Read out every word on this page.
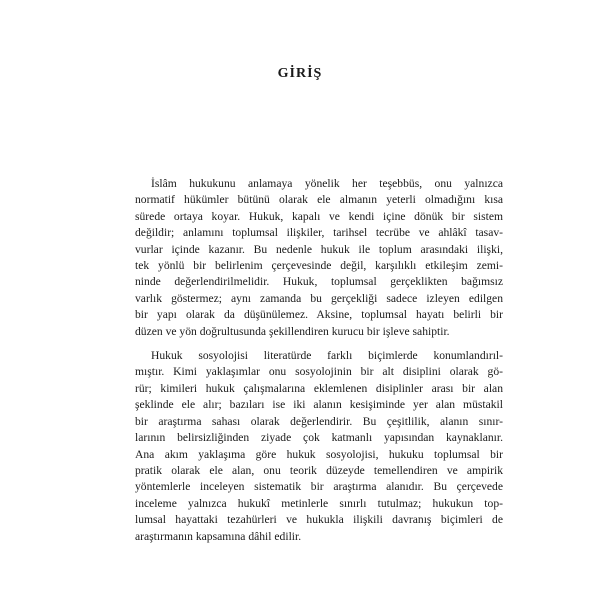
GİRİŞ

İslâm hukukunu anlamaya yönelik her teşebbüs, onu yalnızca
normatif hükümler bütünü olarak ele almanın yeterli olmadığını kısa
sürede ortaya koyar. Hukuk, kapalı ve kendi içine dönük bir sistem
değildir; anlamını toplumsal ilişkiler, tarihsel tecrübe ve ahlâkî tasav-
vurlar içinde kazanır. Bu nedenle hukuk ile toplum arasındaki ilişki,
tek yönlü bir belirlenim çerçevesinde değil, karşılıklı etkileşim zemi-
ninde değerlendirilmelidir. Hukuk, toplumsal gerçeklikten bağımsız
varlık göstermez; aynı zamanda bu gerçekliği sadece izleyen edilgen
bir yapı olarak da düşünülemez. Aksine, toplumsal hayatı belirli bir
düzen ve yön doğrultusunda şekillendiren kurucu bir işleve sahiptir.

Hukuk sosyolojisi literatürde farklı biçimlerde konumlandırıl-
mıştır. Kimi yaklaşımlar onu sosyolojinin bir alt disiplini olarak gö-
rür; kimileri hukuk çalışmalarına eklemlenen disiplinler arası bir alan
şeklinde ele alır; bazıları ise iki alanın kesişiminde yer alan müstakil
bir araştırma sahası olarak değerlendirir. Bu çeşitlilik, alanın sınır-
larının belirsizliğinden ziyade çok katmanlı yapısından kaynaklanır.
Ana akım yaklaşıma göre hukuk sosyolojisi, hukuku toplumsal bir
pratik olarak ele alan, onu teorik düzeyde temellendiren ve ampirik
yöntemlerle inceleyen sistematik bir araştırma alanıdır. Bu çerçevede
inceleme yalnızca hukukî metinlerle sınırlı tutulmaz; hukukun top-
lumsal hayattaki tezahürleri ve hukukla ilişkili davranış biçimleri de
araştırmanın kapsamına dâhil edilir.
